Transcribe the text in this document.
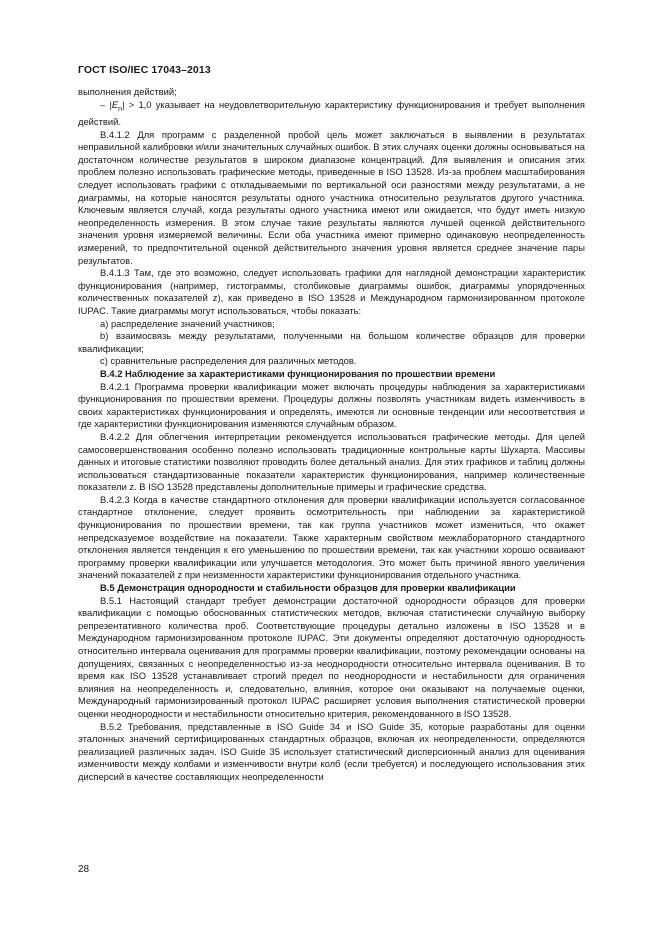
ГОСТ ISO/IEC 17043–2013

выполнения действий;

– $|E_n| > 1,0$ указывает на неудовлетворительную характеристику функционирования и требует выполнения действий.

В.4.1.2 Для программ с разделенной пробой цель может заключаться в выявлении в результатах неправильной калибровки и/или значительных случайных ошибок. В этих случаях оценки должны основываться на достаточном количестве результатов в широком диапазоне концентраций. Для выявления и описания этих проблем полезно использовать графические методы, приведенные в ISO 13528. Из-за проблем масштабирования следует использовать графики с откладываемыми по вертикальной оси разностями между результатами, а не диаграммы, на которые наносятся результаты одного участника относительно результатов другого участника. Ключевым является случай, когда результаты одного участника имеют или ожидается, что будут иметь низкую неопределенность измерения. В этом случае такие результаты являются лучшей оценкой действительного значения уровня измеряемой величины. Если оба участника имеют примерно одинаковую неопределенность измерений, то предпочтительной оценкой действительного значения уровня является среднее значение пары результатов.

В.4.1.3 Там, где это возможно, следует использовать графики для наглядной демонстрации характеристик функционирования (например, гистограммы, столбиковые диаграммы ошибок, диаграммы упорядоченных количественных показателей z), как приведено в ISO 13528 и Международном гармонизированном протоколе IUPAC. Такие диаграммы могут использоваться, чтобы показать:

a) распределение значений участников;

b) взаимосвязь между результатами, полученными на большом количестве образцов для проверки квалификации;

c) сравнительные распределения для различных методов.

В.4.2 Наблюдение за характеристиками функционирования по прошествии времени

В.4.2.1 Программа проверки квалификации может включать процедуры наблюдения за характеристиками функционирования по прошествии времени. Процедуры должны позволять участникам видеть изменчивость в своих характеристиках функционирования и определять, имеются ли основные тенденции или несоответствия и где характеристики функционирования изменяются случайным образом.

В.4.2.2 Для облегчения интерпретации рекомендуется использоваться графические методы. Для целей самосовершенствования особенно полезно использовать традиционные контрольные карты Шухарта. Массивы данных и итоговые статистики позволяют проводить более детальный анализ. Для этих графиков и таблиц должны использоваться стандартизованные показатели характеристик функционирования, например количественные показатели z. В ISO 13528 представлены дополнительные примеры и графические средства.

В.4.2.3 Когда в качестве стандартного отклонения для проверки квалификации используется согласованное стандартное отклонение, следует проявить осмотрительность при наблюдении за характеристикой функционирования по прошествии времени, так как группа участников может измениться, что окажет непредсказуемое воздействие на показатели. Также характерным свойством межлабораторного стандартного отклонения является тенденция к его уменьшению по прошествии времени, так как участники хорошо осваивают программу проверки квалификации или улучшается методология. Это может быть причиной явного увеличения значений показателей z при неизменности характеристики функционирования отдельного участника.

В.5 Демонстрация однородности и стабильности образцов для проверки квалификации

В.5.1 Настоящий стандарт требует демонстрации достаточной однородности образцов для проверки квалификации с помощью обоснованных статистических методов, включая статистически случайную выборку репрезентативного количества проб. Соответствующие процедуры детально изложены в ISO 13528 и в Международном гармонизированном протоколе IUPAC. Эти документы определяют достаточную однородность относительно интервала оценивания для программы проверки квалификации, поэтому рекомендации основаны на допущениях, связанных с неопределенностью из-за неоднородности относительно интервала оценивания. В то время как ISO 13528 устанавливает строгий предел по неоднородности и нестабильности для ограничения влияния на неопределенность и, следовательно, влияния, которое они оказывают на получаемые оценки, Международный гармонизированный протокол IUPAC расширяет условия выполнения статистической проверки оценки неоднородности и нестабильности относительно критерия, рекомендованного в ISO 13528.

В.5.2 Требования, представленные в ISO Guide 34 и ISO Guide 35, которые разработаны для оценки эталонных значений сертифицированных стандартных образцов, включая их неопределенности, определяются реализацией различных задач. ISO Guide 35 использует статистический дисперсионный анализ для оценивания изменчивости между колбами и изменчивости внутри колб (если требуется) и последующего использования этих дисперсий в качестве составляющих неопределенности

28
